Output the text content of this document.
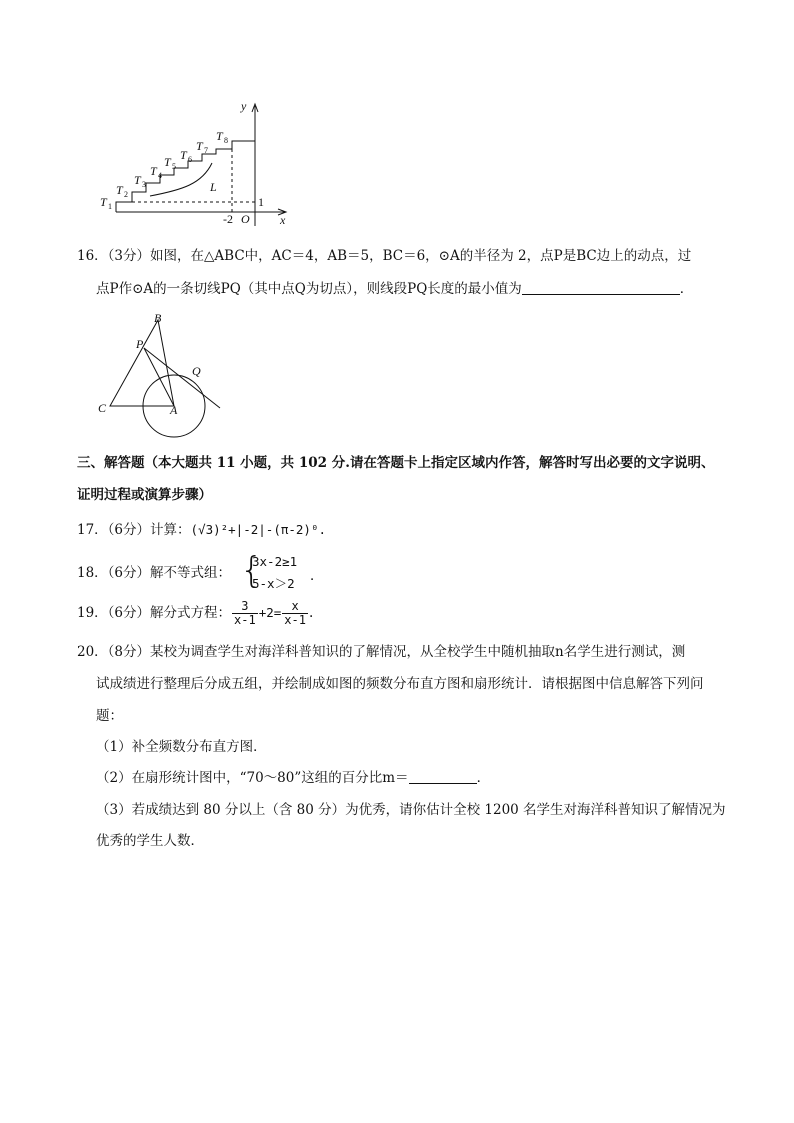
y
x
O
-2
1
L
T 1
T 2
T 3
T 4
T 5
T 6
T 7
T 8
16．（3分）如图，在△ABC中，AC＝4，AB＝5，BC＝6，⊙A的半径为 2，点P是BC边上的动点，过
点P作⊙A的一条切线PQ（其中点Q为切点），则线段PQ长度的最小值为	．
B
P
Q
C	A
三、解答题（本大题共 11 小题，共 102 分.请在答题卡上指定区域内作答，解答时写出必要的文字说明、
证明过程或演算步骤）
17．（6分）计算：(√3)²+|-2|-(π-2)⁰.
18．（6分）解不等式组： {
3x-2≥1
5-x＞2 ．
19．（6分）解分式方程： $\frac{3}{x-1} +2= \frac{x}{x-1}$ .
20．（8分）某校为调查学生对海洋科普知识的了解情况，从全校学生中随机抽取n名学生进行测试，测
试成绩进行整理后分成五组，并绘制成如图的频数分布直方图和扇形统计．请根据图中信息解答下列问
题：
（1）补全频数分布直方图．
（2）在扇形统计图中，“70～80”这组的百分比m＝	．
（3）若成绩达到 80 分以上（含 80 分）为优秀，请你估计全校 1200 名学生对海洋科普知识了解情况为
优秀的学生人数．
